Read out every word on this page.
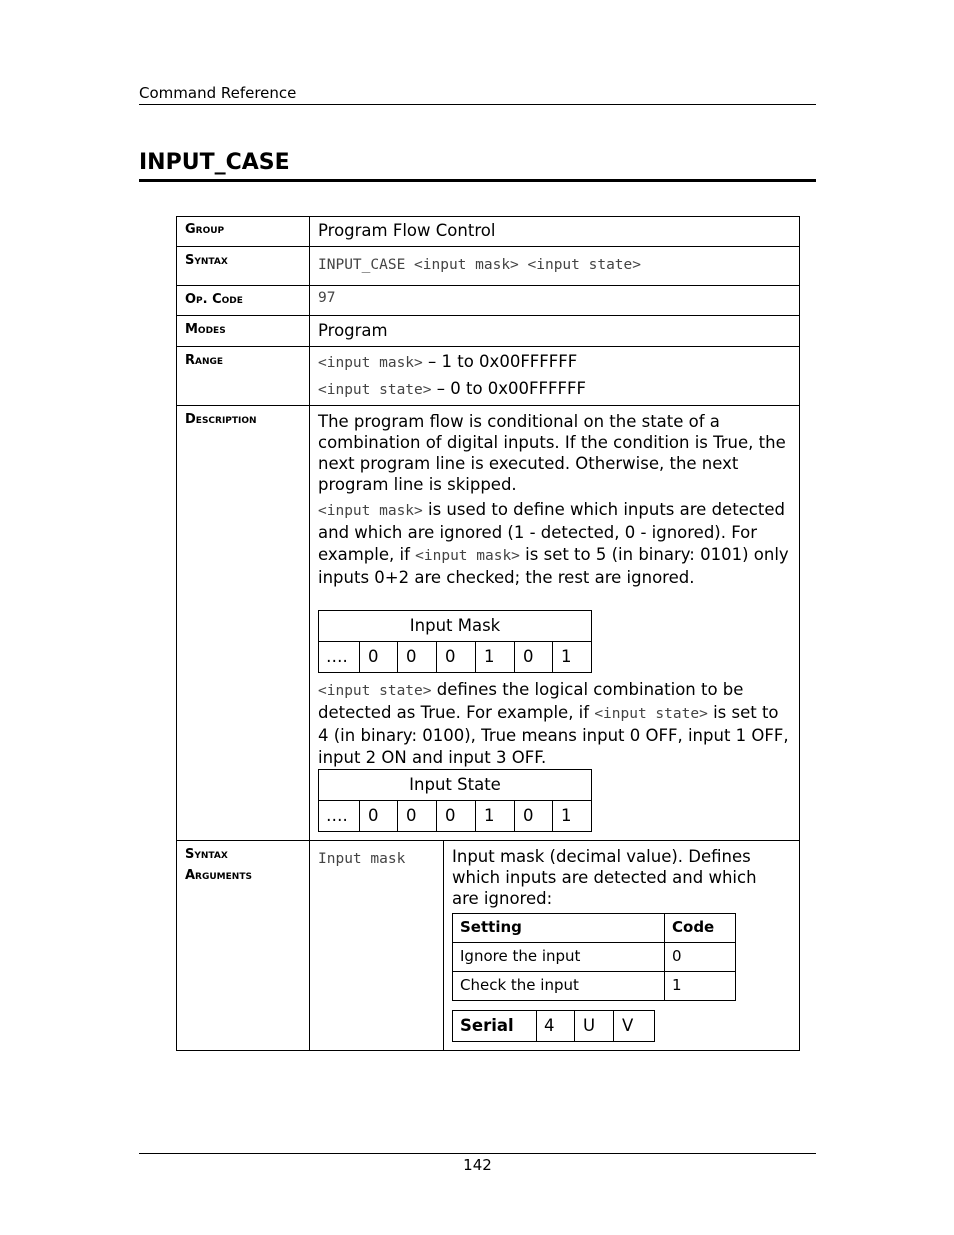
Command Reference
INPUT_CASE
Group	Program Flow Control
Syntax	INPUT_CASE <input mask> <input state>
Op. Code	97
Modes	Program
Range	<input mask> – 1 to 0x00FFFFFF
<input state> – 0 to 0x00FFFFFF
Description	The program flow is conditional on the state of a combination of digital inputs. If the condition is True, the next program line is executed. Otherwise, the next program line is skipped.
<input mask> is used to define which inputs are detected and which are ignored (1 - detected, 0 - ignored). For example, if <input mask> is set to 5 (in binary: 0101) only inputs 0+2 are checked; the rest are ignored.
Input Mask
…. 0 0 0 1 0 1
<input state> defines the logical combination to be detected as True. For example, if <input state> is set to 4 (in binary: 0100), True means input 0 OFF, input 1 OFF, input 2 ON and input 3 OFF.
Input State
…. 0 0 0 1 0 1
Syntax
Arguments
Input mask	Input mask (decimal value). Defines which inputs are detected and which are ignored:
Setting	Code
Ignore the input	0
Check the input	1
Serial 4 U V
142
